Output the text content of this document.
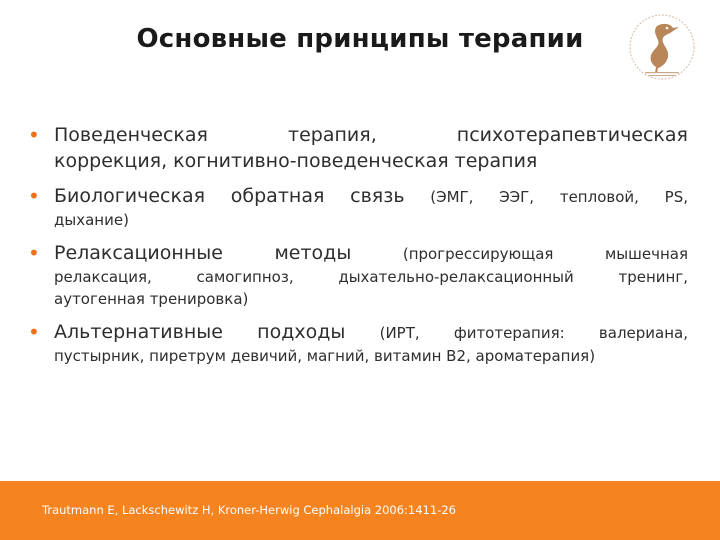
Основные принципы терапии
• Поведенческая	терапия,	психотерапевтическая
коррекция, когнитивно-поведенческая терапия
• Биологическая обратная связь (ЭМГ, ЭЭГ, тепловой, PS,
дыхание)
• Релаксационные	методы	(прогрессирующая	мышечная
релаксация,	самогипноз,	дыхательно-релаксационный	тренинг,
аутогенная тренировка)
• Альтернативные подходы (ИРТ, фитотерапия: валериана,
пустырник, пиретрум девичий, магний, витамин В2, ароматерапия)
Trautmann E, Lackschewitz H, Kroner-Herwig Cephalalgia 2006:1411-26
